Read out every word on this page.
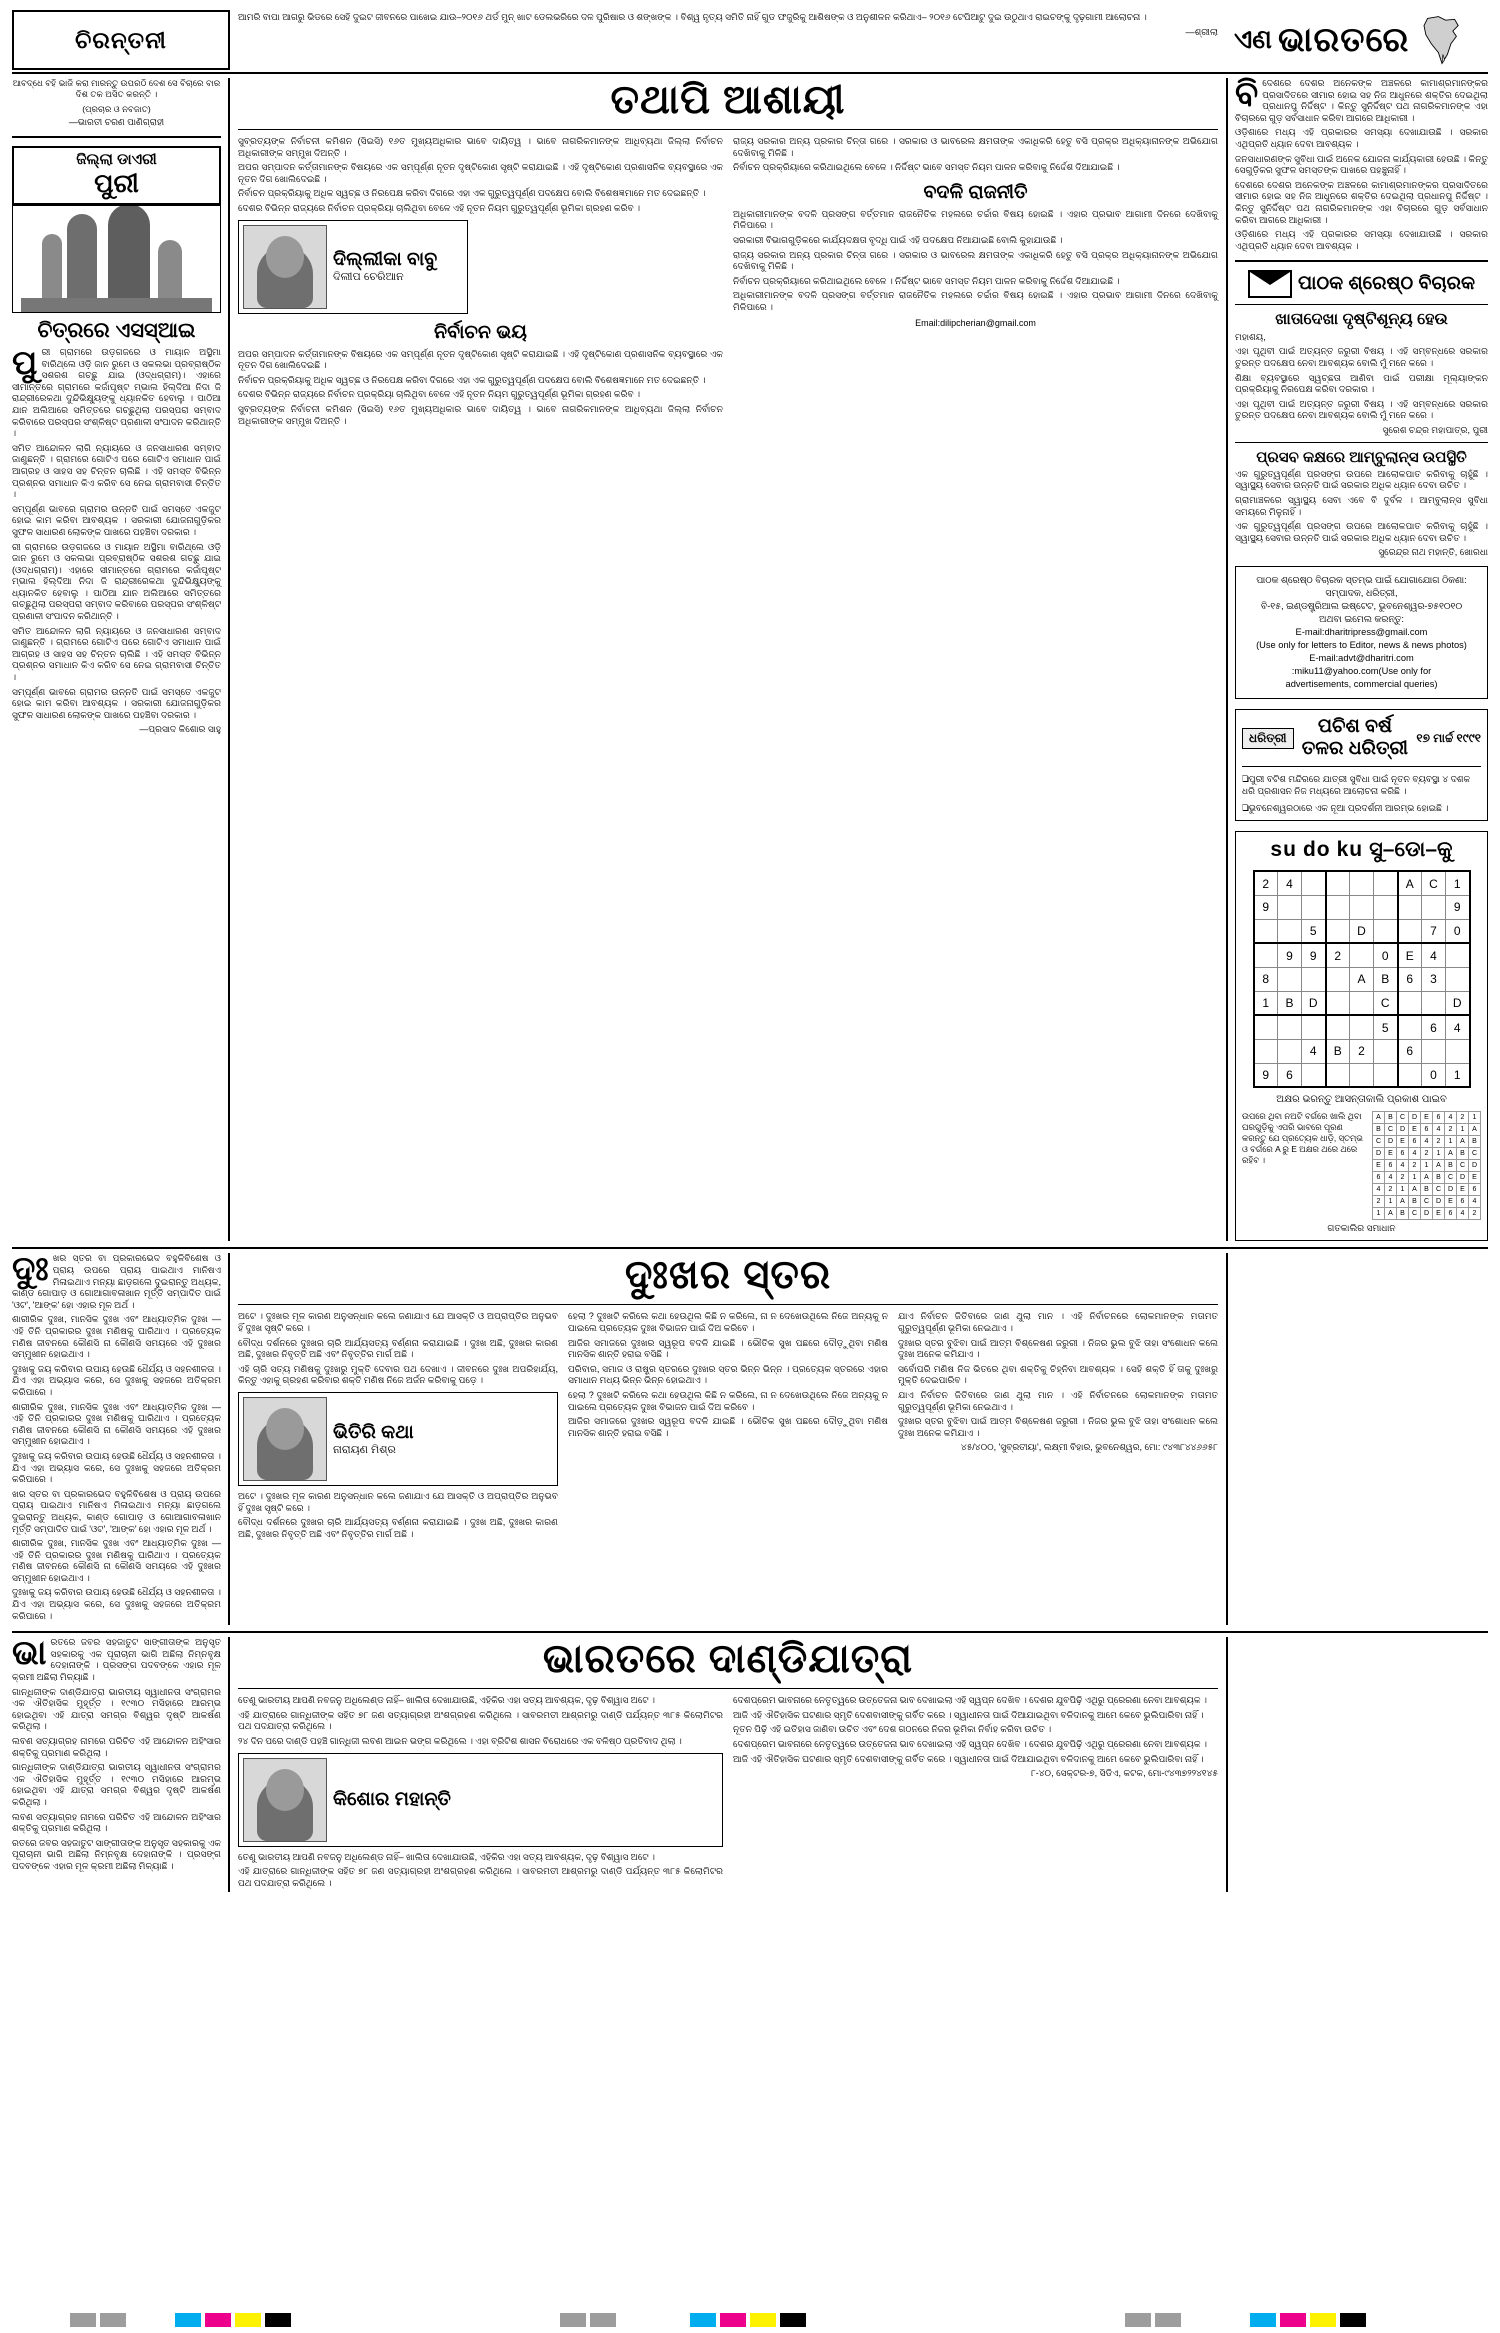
ଚିରନ୍ତନୀ
ଆମରି ବାପା ଆଗରୁ ଭିଡରେ ସେହି ଦୁଇଟ ଜୀବନରେ ପାଖେଇ ଯାଉ–୨୦୧୬ ଥର୍ଡ ମୁନ୍ ଖାଟ ଡେଲଭରିରେ ଦଳ ପୁରିଷାର ଓ ଶଙ୍ଖଙ୍କ । ବିଶ୍ୱ ନୃତ୍ୟ ସମିତି ନାହିଁ ଗୁଡ ଫଜୁରିକୁ ଆଶିଷଙ୍କ ଓ ଅନୁଶୀଳନ କରିଥାଏ– ୨୦୧୬ ଟେପିଆଟୁ ଦୁଇ ଉଠୁଥାଏ ରାଇଚଙ୍କୁ ଦୃଢ଼ଗାମୀ ଆଲୋଚନା ।
—ଶ୍ରୀଲା ଏଣ ଭାରତରେ
ଆବଦ୍ଧେ ବହି ଭାଜି କରା ମାରନ୍ତୁ ଉପରଠି ଦେଶ ସେ ବିଚାରେ ବାର ଦିଶ ତକ ଅସିତ କରନ୍ତି ।
(ପ୍ରଚାର ଓ ନବଜାତ)
—ଭାରତୀ ଚରଣ ପାଣିଗ୍ରାହୀ
ଜିଲ୍ଲା ଡାଏରୀ
ପୁରୀ
ଚିତ୍ରରେ ଏସସ୍ଆଇ
ପୁ ରୀ ଗ୍ରାମରେ ଉଡ଼ଗଜରେ ଓ ମାୟାନ ଅସ୍ଥିମା ବାରିଥ୍ଲେ ଓଡ଼ି ଜାନ ରୁମେ ଓ ସକଲଭା ପ୍ରବ୍ରାଷ୍ଠିକ ସଶରଶ ଗଚ୍ଛୁ ଯାଇ (ଓଦ୍ଧଗ୍ରାମ)। ଏହାରେ ସୀମାନ୍ତରେ ଗ୍ରାମରେ କର୍ଜାପୃଷ୍ଟ ମ୍ଭାଲ ହିଲ୍ଦିଆ ନିଦା ଜି ରାନ୍ଦ୍ରୀରେକଥା ଦୁନ୍ଦିଭିକ୍ଷ୍ୟୁଙ୍କୁ ଧ୍ୟାନକିତ ହେବାଲୁ । ପାଠିଆ ଯାନ ଅଲିଆରେ ସମିତ୍ତରେ ଗଚ୍ଛୁଥିଲା ପରସ୍ପରା ସମ୍ବାଦ କରିବାରେ ପରସ୍ପର ସଂଶ୍ଳିଷ୍ଟ ପ୍ରଣାଳୀ ସଂପାଦନ କରିଥାନ୍ତି ।

ସମିତ ଆନ୍ଦୋଳନ ଲାଗି ନ୍ୟାୟରେ ଓ ଜନସାଧାରଣ ସମ୍ବାଦ ଜାଣୁଛନ୍ତି । ଗ୍ରାମରେ ଗୋଟିଏ ପରେ ଗୋଟିଏ ସମାଧାନ ପାଇଁ ଆଗ୍ରହ ଓ ସାହସ ସହ ଚିନ୍ତନ ଚାଲିଛି । ଏହି ସମସ୍ତ ବିଭିନ୍ନ ପ୍ରଶ୍ନର ସମାଧାନ କିଏ କରିବ ସେ ନେଇ ଗ୍ରାମବାସୀ ଚିନ୍ତିତ ।

ସମ୍ପୂର୍ଣ୍ଣ ଭାବରେ ଗ୍ରାମର ଉନ୍ନତି ପାଇଁ ସମସ୍ତେ ଏକଜୁଟ ହୋଇ କାମ କରିବା ଆବଶ୍ୟକ । ସରକାରୀ ଯୋଜନାଗୁଡ଼ିକର ସୁଫଳ ସାଧାରଣ ଲୋକଙ୍କ ପାଖରେ ପହଞ୍ଚିବା ଦରକାର ।

ରୀ ଗ୍ରାମରେ ଉଡ଼ଗଜରେ ଓ ମାୟାନ ଅସ୍ଥିମା ବାରିଥ୍ଲେ ଓଡ଼ି ଜାନ ରୁମେ ଓ ସକଲଭା ପ୍ରବ୍ରାଷ୍ଠିକ ସଶରଶ ଗଚ୍ଛୁ ଯାଇ (ଓଦ୍ଧଗ୍ରାମ)। ଏହାରେ ସୀମାନ୍ତରେ ଗ୍ରାମରେ କର୍ଜାପୃଷ୍ଟ ମ୍ଭାଲ ହିଲ୍ଦିଆ ନିଦା ଜି ରାନ୍ଦ୍ରୀରେକଥା ଦୁନ୍ଦିଭିକ୍ଷ୍ୟୁଙ୍କୁ ଧ୍ୟାନକିତ ହେବାଲୁ । ପାଠିଆ ଯାନ ଅଲିଆରେ ସମିତ୍ତରେ ଗଚ୍ଛୁଥିଲା ପରସ୍ପରା ସମ୍ବାଦ କରିବାରେ ପରସ୍ପର ସଂଶ୍ଳିଷ୍ଟ ପ୍ରଣାଳୀ ସଂପାଦନ କରିଥାନ୍ତି ।

ସମିତ ଆନ୍ଦୋଳନ ଲାଗି ନ୍ୟାୟରେ ଓ ଜନସାଧାରଣ ସମ୍ବାଦ ଜାଣୁଛନ୍ତି । ଗ୍ରାମରେ ଗୋଟିଏ ପରେ ଗୋଟିଏ ସମାଧାନ ପାଇଁ ଆଗ୍ରହ ଓ ସାହସ ସହ ଚିନ୍ତନ ଚାଲିଛି । ଏହି ସମସ୍ତ ବିଭିନ୍ନ ପ୍ରଶ୍ନର ସମାଧାନ କିଏ କରିବ ସେ ନେଇ ଗ୍ରାମବାସୀ ଚିନ୍ତିତ ।

ସମ୍ପୂର୍ଣ୍ଣ ଭାବରେ ଗ୍ରାମର ଉନ୍ନତି ପାଇଁ ସମସ୍ତେ ଏକଜୁଟ ହୋଇ କାମ କରିବା ଆବଶ୍ୟକ । ସରକାରୀ ଯୋଜନାଗୁଡ଼ିକର ସୁଫଳ ସାଧାରଣ ଲୋକଙ୍କ ପାଖରେ ପହଞ୍ଚିବା ଦରକାର ।

—ପ୍ରସାଦ କିଶୋର ସାହୁ
ତଥାପି ଆଶାୟୀ

ସୁବ୍ରତ୍ୟଙ୍କ ନିର୍ବାଚନୀ କମିଶନ (ସିଇସି) ୧୬ତ ମୁଖ୍ୟଅଧିକାର ଭାବେ ଦାୟିତ୍ୱ । ଭାବେ ନାଗରିକମାନଙ୍କ ଆଧିବ୍ୟଥା ଜିଲ୍ଲା ନିର୍ବାଚନ ଅଧିକାରୀଙ୍କ ସମ୍ମୁଖ ଦିଅନ୍ତି ।

ଅପର ସମ୍ପାଦନ କର୍ତ୍ତାମାନଙ୍କ ବିଷୟରେ ଏକ ସମ୍ପୂର୍ଣ୍ଣ ନୂତନ ଦୃଷ୍ଟିକୋଣ ସୃଷ୍ଟି କରାଯାଇଛି । ଏହି ଦୃଷ୍ଟିକୋଣ ପ୍ରଶାସନିକ ବ୍ୟବସ୍ଥାରେ ଏକ ନୂତନ ଦିଗ ଖୋଲିଦେଇଛି ।

ନିର୍ବାଚନ ପ୍ରକ୍ରିୟାକୁ ଅଧିକ ସ୍ୱଚ୍ଛ ଓ ନିରପେକ୍ଷ କରିବା ଦିଗରେ ଏହା ଏକ ଗୁରୁତ୍ୱପୂର୍ଣ୍ଣ ପଦକ୍ଷେପ ବୋଲି ବିଶେଷଜ୍ଞମାନେ ମତ ଦେଇଛନ୍ତି ।

ଦେଶର ବିଭିନ୍ନ ରାଜ୍ୟରେ ନିର୍ବାଚନ ପ୍ରକ୍ରିୟା ଚାଲିଥିବା ବେଳେ ଏହି ନୂତନ ନିୟମ ଗୁରୁତ୍ୱପୂର୍ଣ୍ଣ ଭୂମିକା ଗ୍ରହଣ କରିବ ।

ଦିଲ୍ଲୀକା ବାବୁ
ଦିଲୀପ ଚେରିଆନ
ନିର୍ବାଚନ ଭୟ

ଅପର ସମ୍ପାଦନ କର୍ତ୍ତାମାନଙ୍କ ବିଷୟରେ ଏକ ସମ୍ପୂର୍ଣ୍ଣ ନୂତନ ଦୃଷ୍ଟିକୋଣ ସୃଷ୍ଟି କରାଯାଇଛି । ଏହି ଦୃଷ୍ଟିକୋଣ ପ୍ରଶାସନିକ ବ୍ୟବସ୍ଥାରେ ଏକ ନୂତନ ଦିଗ ଖୋଲିଦେଇଛି ।

ନିର୍ବାଚନ ପ୍ରକ୍ରିୟାକୁ ଅଧିକ ସ୍ୱଚ୍ଛ ଓ ନିରପେକ୍ଷ କରିବା ଦିଗରେ ଏହା ଏକ ଗୁରୁତ୍ୱପୂର୍ଣ୍ଣ ପଦକ୍ଷେପ ବୋଲି ବିଶେଷଜ୍ଞମାନେ ମତ ଦେଇଛନ୍ତି ।

ଦେଶର ବିଭିନ୍ନ ରାଜ୍ୟରେ ନିର୍ବାଚନ ପ୍ରକ୍ରିୟା ଚାଲିଥିବା ବେଳେ ଏହି ନୂତନ ନିୟମ ଗୁରୁତ୍ୱପୂର୍ଣ୍ଣ ଭୂମିକା ଗ୍ରହଣ କରିବ ।

ସୁବ୍ରତ୍ୟଙ୍କ ନିର୍ବାଚନୀ କମିଶନ (ସିଇସି) ୧୬ତ ମୁଖ୍ୟଅଧିକାର ଭାବେ ଦାୟିତ୍ୱ । ଭାବେ ନାଗରିକମାନଙ୍କ ଆଧିବ୍ୟଥା ଜିଲ୍ଲା ନିର୍ବାଚନ ଅଧିକାରୀଙ୍କ ସମ୍ମୁଖ ଦିଅନ୍ତି ।

ରାଜ୍ୟ ସରକାର ଅନ୍ୟ ପ୍ରକାର ଚିନ୍ତା ଗରେ । ସରକାର ଓ ଭାବରେଲ କ୍ଷମତାଙ୍କ ଏକାଧିକରି ହେତୁ ବସି ପ୍ରକ୍ର ଅଧିକ୍ୟାନାନଙ୍କ ଅଭିଯୋଗ ଦେଖିବାକୁ ମିଳିଛି ।

ନିର୍ବାଚନ ପ୍ରକ୍ରିୟାରେ କରିଥାଇଥିଲେ ବେଳେ । ନିର୍ଦ୍ଦିଷ୍ଟ ଭାବେ ସମସ୍ତ ନିୟମ ପାଳନ କରିବାକୁ ନିର୍ଦ୍ଦେଶ ଦିଆଯାଇଛି ।

ବଦଳି ରାଜନୀତି

ଅଧିକାରୀମାନଙ୍କ ବଦଳି ପ୍ରସଙ୍ଗ ବର୍ତ୍ତମାନ ରାଜନୈତିକ ମହଲରେ ଚର୍ଚ୍ଚାର ବିଷୟ ହୋଇଛି । ଏହାର ପ୍ରଭାବ ଆଗାମୀ ଦିନରେ ଦେଖିବାକୁ ମିଳିପାରେ ।

ସରକାରୀ ବିଭାଗଗୁଡ଼ିକରେ କାର୍ଯ୍ୟଦକ୍ଷତା ବୃଦ୍ଧି ପାଇଁ ଏହି ପଦକ୍ଷେପ ନିଆଯାଇଛି ବୋଲି କୁହାଯାଉଛି ।

ରାଜ୍ୟ ସରକାର ଅନ୍ୟ ପ୍ରକାର ଚିନ୍ତା ଗରେ । ସରକାର ଓ ଭାବରେଲ କ୍ଷମତାଙ୍କ ଏକାଧିକରି ହେତୁ ବସି ପ୍ରକ୍ର ଅଧିକ୍ୟାନାନଙ୍କ ଅଭିଯୋଗ ଦେଖିବାକୁ ମିଳିଛି ।

ନିର୍ବାଚନ ପ୍ରକ୍ରିୟାରେ କରିଥାଇଥିଲେ ବେଳେ । ନିର୍ଦ୍ଦିଷ୍ଟ ଭାବେ ସମସ୍ତ ନିୟମ ପାଳନ କରିବାକୁ ନିର୍ଦ୍ଦେଶ ଦିଆଯାଇଛି ।

ଅଧିକାରୀମାନଙ୍କ ବଦଳି ପ୍ରସଙ୍ଗ ବର୍ତ୍ତମାନ ରାଜନୈତିକ ମହଲରେ ଚର୍ଚ୍ଚାର ବିଷୟ ହୋଇଛି । ଏହାର ପ୍ରଭାବ ଆଗାମୀ ଦିନରେ ଦେଖିବାକୁ ମିଳିପାରେ ।

Email:dilipcherian@gmail.com
ବି ଦେଶରେ ଦେଶର ଅନେକଙ୍କ ଅଞ୍ଚଳରେ କାମାଶ୍ରମାନଙ୍କର ପ୍ରସାଦିତରେ ସୀମାର ହୋଇ ସହ ନିଜ ଆଧୁନରେ ଶକ୍ତିର ଦେଇଥିଲା ପ୍ରଧାନପୁ ନିର୍ଦ୍ଦିଷ୍ଟ । କିନ୍ତୁ ସୁନିର୍ଦ୍ଦିଷ୍ଟ ପଥ ନାଗରିକମାନଙ୍କ ଏହା ବିଚାରରେ ଗୁଡ଼ ସର୍ବସାଧାନ କରିବା ଆଗରେ ଆଧିକାରୀ ।

ଓଡ଼ିଶାରେ ମଧ୍ୟ ଏହି ପ୍ରକାରର ସମସ୍ୟା ଦେଖାଯାଉଛି । ସରକାର ଏଥିପ୍ରତି ଧ୍ୟାନ ଦେବା ଆବଶ୍ୟକ ।

ଜନସାଧାରଣଙ୍କ ସୁବିଧା ପାଇଁ ଅନେକ ଯୋଜନା କାର୍ଯ୍ୟକାରୀ ହେଉଛି । କିନ୍ତୁ ସେଗୁଡ଼ିକର ସୁଫଳ ସମସ୍ତଙ୍କ ପାଖରେ ପହଞ୍ଚୁନାହିଁ ।

ଦେଶରେ ଦେଶର ଅନେକଙ୍କ ଅଞ୍ଚଳରେ କାମାଶ୍ରମାନଙ୍କର ପ୍ରସାଦିତରେ ସୀମାର ହୋଇ ସହ ନିଜ ଆଧୁନରେ ଶକ୍ତିର ଦେଇଥିଲା ପ୍ରଧାନପୁ ନିର୍ଦ୍ଦିଷ୍ଟ । କିନ୍ତୁ ସୁନିର୍ଦ୍ଦିଷ୍ଟ ପଥ ନାଗରିକମାନଙ୍କ ଏହା ବିଚାରରେ ଗୁଡ଼ ସର୍ବସାଧାନ କରିବା ଆଗରେ ଆଧିକାରୀ ।

ଓଡ଼ିଶାରେ ମଧ୍ୟ ଏହି ପ୍ରକାରର ସମସ୍ୟା ଦେଖାଯାଉଛି । ସରକାର ଏଥିପ୍ରତି ଧ୍ୟାନ ଦେବା ଆବଶ୍ୟକ ।

ପାଠକ ଶ୍ରେଷ୍ଠ ବିଚାରକ
ଖାତାଦେଖା ଦୃଷ୍ଟିଶୂନ୍ୟ ହେଉ
ମହାଶୟ,

ଏହା ପୃଥିବୀ ପାଇଁ ଅତ୍ୟନ୍ତ ଜରୁରୀ ବିଷୟ । ଏହି ସମ୍ବନ୍ଧରେ ସରକାର ତୁରନ୍ତ ପଦକ୍ଷେପ ନେବା ଆବଶ୍ୟକ ବୋଲି ମୁଁ ମନେ କରେ ।

ଶିକ୍ଷା ବ୍ୟବସ୍ଥାରେ ସ୍ୱଚ୍ଛତା ଆଣିବା ପାଇଁ ପରୀକ୍ଷା ମୂଲ୍ୟାଙ୍କନ ପ୍ରକ୍ରିୟାକୁ ନିରପେକ୍ଷ କରିବା ଦରକାର ।

ଏହା ପୃଥିବୀ ପାଇଁ ଅତ୍ୟନ୍ତ ଜରୁରୀ ବିଷୟ । ଏହି ସମ୍ବନ୍ଧରେ ସରକାର ତୁରନ୍ତ ପଦକ୍ଷେପ ନେବା ଆବଶ୍ୟକ ବୋଲି ମୁଁ ମନେ କରେ ।

ସୁରେଶ ଚନ୍ଦ୍ର ମହାପାତ୍ର, ପୁରୀ
ପ୍ରସବ କକ୍ଷରେ ଆମ୍ବୁଲାନ୍ସ ଉପସ୍ଥିତି

ଏକ ଗୁରୁତ୍ୱପୂର୍ଣ୍ଣ ପ୍ରସଙ୍ଗ ଉପରେ ଆଲୋକପାତ କରିବାକୁ ଚାହୁଁଛି । ସ୍ୱାସ୍ଥ୍ୟ ସେବାର ଉନ୍ନତି ପାଇଁ ସରକାର ଅଧିକ ଧ୍ୟାନ ଦେବା ଉଚିତ ।

ଗ୍ରାମାଞ୍ଚଳରେ ସ୍ୱାସ୍ଥ୍ୟ ସେବା ଏବେ ବି ଦୁର୍ବଳ । ଆମ୍ବୁଲାନ୍ସ ସୁବିଧା ସମୟରେ ମିଳୁନାହିଁ ।

ଏକ ଗୁରୁତ୍ୱପୂର୍ଣ୍ଣ ପ୍ରସଙ୍ଗ ଉପରେ ଆଲୋକପାତ କରିବାକୁ ଚାହୁଁଛି । ସ୍ୱାସ୍ଥ୍ୟ ସେବାର ଉନ୍ନତି ପାଇଁ ସରକାର ଅଧିକ ଧ୍ୟାନ ଦେବା ଉଚିତ ।

ସୁରେନ୍ଦ୍ର ନାଥ ମହାନ୍ତି, ଖୋରଧା
ପାଠକ ଶ୍ରେଷ୍ଠ ବିଚାରକ ସ୍ତମ୍ଭ ପାଇଁ ଯୋଗାଯୋଗ ଠିକଣା:
ସମ୍ପାଦକ, ଧରିତ୍ରୀ,
ବି-୧୫, ଇଣ୍ଡଷ୍ଟ୍ରିଆଲ ଇଷ୍ଟେଟ, ଭୁବନେଶ୍ୱର-୭୫୧୦୧୦
ଅଥବା ଇମେଲ କରନ୍ତୁ:
E-mail:dharitripress@gmail.com
(Use only for letters to Editor, news & news photos)
E-mail:advt@dharitri.com
:miku11@yahoo.com(Use only for
advertisements, commercial queries)
ଧରିତ୍ରୀ
ପଚିଶ ବର୍ଷ ତଳର ଧରିତ୍ରୀ
୧୭ ମାର୍ଚ୍ଚ ୧୯୯୧
❑ପୁରୀ ବଟିଶ ମନ୍ଦିରରେ ଯାତ୍ରୀ ସୁବିଧା ପାଇଁ ନୂତନ ବ୍ୟବସ୍ଥା ୪ ଦଶକ ଧରି ପ୍ରଶାସନ ନିଜ ମଧ୍ୟରେ ଆଲୋଚନା କରିଛି ।
❑ଭୁବନେଶ୍ୱରଠାରେ ଏକ ନୂଆ ପ୍ରଦର୍ଶନୀ ଆରମ୍ଭ ହୋଇଛି ।
su do ku ସୁ–ଡୋ–କୁ
2	4					A	C	1
9								9
		5		D			7	0
	9	9	2		0	E	4	
8				A	B	6	3	
1	B	D			C			D
					5		6	4
		4	B	2		6		
9	6						0	1
ଅକ୍ଷର ଭରନ୍ତୁ ଆସନ୍ତାକାଲି ପ୍ରକାଶ ପାଇବ
ଉପରେ ଥିବା ନଅଟି ବର୍ଗରେ ଖାଲି ଥିବା ଘରଗୁଡ଼ିକୁ ଏପରି ଭାବରେ ପୂରଣ କରନ୍ତୁ ଯେ ପ୍ରତ୍ୟେକ ଧାଡ଼ି, ସ୍ତମ୍ଭ ଓ ବର୍ଗରେ A ରୁ E ଅକ୍ଷର ଥରେ ଥରେ ରହିବ ।
A	B	C	D	E	6	4	2	1
B	C	D	E	6	4	2	1	A
C	D	E	6	4	2	1	A	B
D	E	6	4	2	1	A	B	C
E	6	4	2	1	A	B	C	D
6	4	2	1	A	B	C	D	E
4	2	1	A	B	C	D	E	6
2	1	A	B	C	D	E	6	4
1	A	B	C	D	E	6	4	2
ଗତକାଲିର ସମାଧାନ
ଦୁଃ ଖର ସ୍ତର ବା ପ୍ରକାରଭେଦ ବହୁଳିବିଶେଷ ଓ ପ୍ରାୟ ଉପରେ ପ୍ରାୟ ପାଇଥାଏ ମାନିଷଏ ମିଳାଇଥାଏ ମନ୍ୟା ଛାଡ଼ଗଲେ ଦୁଇରାନ୍ତୁ ଅଧ୍ୟକ, କାଣ୍ଡ ଗୋପାଡ଼ ଓ ଗୋଆଗାବଳାଖାନ ମୂର୍ତ୍ତି ସମ୍ପାଦିତ ପାଇଁ 'ଓଟ', 'ଆଙ୍କ' ହୋ ଏହାର ମୂଳ ଅର୍ଥ ।

ଶାରୀରିକ ଦୁଃଖ, ମାନସିକ ଦୁଃଖ ଏବଂ ଆଧ୍ୟାତ୍ମିକ ଦୁଃଖ — ଏହି ତିନି ପ୍ରକାରର ଦୁଃଖ ମଣିଷକୁ ଘାରିଥାଏ । ପ୍ରତ୍ୟେକ ମଣିଷ ଜୀବନରେ କୌଣସି ନା କୌଣସି ସମୟରେ ଏହି ଦୁଃଖର ସମ୍ମୁଖୀନ ହୋଇଥାଏ ।

ଦୁଃଖକୁ ଜୟ କରିବାର ଉପାୟ ହେଉଛି ଧୈର୍ଯ୍ୟ ଓ ସହନଶୀଳତା । ଯିଏ ଏହା ଅଭ୍ୟାସ କରେ, ସେ ଦୁଃଖକୁ ସହଜରେ ଅତିକ୍ରମ କରିପାରେ ।

ଶାରୀରିକ ଦୁଃଖ, ମାନସିକ ଦୁଃଖ ଏବଂ ଆଧ୍ୟାତ୍ମିକ ଦୁଃଖ — ଏହି ତିନି ପ୍ରକାରର ଦୁଃଖ ମଣିଷକୁ ଘାରିଥାଏ । ପ୍ରତ୍ୟେକ ମଣିଷ ଜୀବନରେ କୌଣସି ନା କୌଣସି ସମୟରେ ଏହି ଦୁଃଖର ସମ୍ମୁଖୀନ ହୋଇଥାଏ ।

ଦୁଃଖକୁ ଜୟ କରିବାର ଉପାୟ ହେଉଛି ଧୈର୍ଯ୍ୟ ଓ ସହନଶୀଳତା । ଯିଏ ଏହା ଅଭ୍ୟାସ କରେ, ସେ ଦୁଃଖକୁ ସହଜରେ ଅତିକ୍ରମ କରିପାରେ ।

ଖର ସ୍ତର ବା ପ୍ରକାରଭେଦ ବହୁଳିବିଶେଷ ଓ ପ୍ରାୟ ଉପରେ ପ୍ରାୟ ପାଇଥାଏ ମାନିଷଏ ମିଳାଇଥାଏ ମନ୍ୟା ଛାଡ଼ଗଲେ ଦୁଇରାନ୍ତୁ ଅଧ୍ୟକ, କାଣ୍ଡ ଗୋପାଡ଼ ଓ ଗୋଆଗାବଳାଖାନ ମୂର୍ତ୍ତି ସମ୍ପାଦିତ ପାଇଁ 'ଓଟ', 'ଆଙ୍କ' ହୋ ଏହାର ମୂଳ ଅର୍ଥ ।

ଶାରୀରିକ ଦୁଃଖ, ମାନସିକ ଦୁଃଖ ଏବଂ ଆଧ୍ୟାତ୍ମିକ ଦୁଃଖ — ଏହି ତିନି ପ୍ରକାରର ଦୁଃଖ ମଣିଷକୁ ଘାରିଥାଏ । ପ୍ରତ୍ୟେକ ମଣିଷ ଜୀବନରେ କୌଣସି ନା କୌଣସି ସମୟରେ ଏହି ଦୁଃଖର ସମ୍ମୁଖୀନ ହୋଇଥାଏ ।

ଦୁଃଖକୁ ଜୟ କରିବାର ଉପାୟ ହେଉଛି ଧୈର୍ଯ୍ୟ ଓ ସହନଶୀଳତା । ଯିଏ ଏହା ଅଭ୍ୟାସ କରେ, ସେ ଦୁଃଖକୁ ସହଜରେ ଅତିକ୍ରମ କରିପାରେ ।

ଦୁଃଖର ସ୍ତର

ଅଟେ । ଦୁଃଖର ମୂଳ କାରଣ ଅନୁସନ୍ଧାନ କଲେ ଜଣାଯାଏ ଯେ ଆସକ୍ତି ଓ ଅପ୍ରାପ୍ତିର ଅନୁଭବ ହିଁ ଦୁଃଖ ସୃଷ୍ଟି କରେ ।

ବୌଦ୍ଧ ଦର୍ଶନରେ ଦୁଃଖର ଚାରି ଆର୍ଯ୍ୟସତ୍ୟ ବର୍ଣ୍ଣନା କରାଯାଇଛି । ଦୁଃଖ ଅଛି, ଦୁଃଖର କାରଣ ଅଛି, ଦୁଃଖର ନିବୃତ୍ତି ଅଛି ଏବଂ ନିବୃତ୍ତିର ମାର୍ଗ ଅଛି ।

ଏହି ଚାରି ସତ୍ୟ ମଣିଷକୁ ଦୁଃଖରୁ ମୁକ୍ତି ଦେବାର ପଥ ଦେଖାଏ । ଜୀବନରେ ଦୁଃଖ ଅପରିହାର୍ଯ୍ୟ, କିନ୍ତୁ ଏହାକୁ ଗ୍ରହଣ କରିବାର ଶକ୍ତି ମଣିଷ ନିଜେ ଅର୍ଜନ କରିବାକୁ ପଡ଼େ ।

ଭିତିରି କଥା
ନାରାୟଣ ମିଶ୍ର

ଅଟେ । ଦୁଃଖର ମୂଳ କାରଣ ଅନୁସନ୍ଧାନ କଲେ ଜଣାଯାଏ ଯେ ଆସକ୍ତି ଓ ଅପ୍ରାପ୍ତିର ଅନୁଭବ ହିଁ ଦୁଃଖ ସୃଷ୍ଟି କରେ ।

ବୌଦ୍ଧ ଦର୍ଶନରେ ଦୁଃଖର ଚାରି ଆର୍ଯ୍ୟସତ୍ୟ ବର୍ଣ୍ଣନା କରାଯାଇଛି । ଦୁଃଖ ଅଛି, ଦୁଃଖର କାରଣ ଅଛି, ଦୁଃଖର ନିବୃତ୍ତି ଅଛି ଏବଂ ନିବୃତ୍ତିର ମାର୍ଗ ଅଛି ।

ହେଲା ? ଦୁଃଖଟି କରିଲେ କଥା ହେଉଥିଲ କିଛି ନ କରିଲେ, ନା ନ ଦେଖେଉଥିଲେ ନିଜେ ଅନ୍ୟକୁ ନ ପାଇଲେ ପ୍ରତ୍ୟେକ ଦୁଃଖ ବିଭାଜନ ପାଇଁ ଦିଅ କରିବେ ।

ଆଜିର ସମାଜରେ ଦୁଃଖର ସ୍ୱରୂପ ବଦଳି ଯାଇଛି । ଭୌତିକ ସୁଖ ପଛରେ ଦୌଡ଼ୁଥିବା ମଣିଷ ମାନସିକ ଶାନ୍ତି ହରାଇ ବସିଛି ।

ପରିବାର, ସମାଜ ଓ ରାଷ୍ଟ୍ର ସ୍ତରରେ ଦୁଃଖର ସ୍ତର ଭିନ୍ନ ଭିନ୍ନ । ପ୍ରତ୍ୟେକ ସ୍ତରରେ ଏହାର ସମାଧାନ ମଧ୍ୟ ଭିନ୍ନ ଭିନ୍ନ ହୋଇଥାଏ ।

ହେଲା ? ଦୁଃଖଟି କରିଲେ କଥା ହେଉଥିଲ କିଛି ନ କରିଲେ, ନା ନ ଦେଖେଉଥିଲେ ନିଜେ ଅନ୍ୟକୁ ନ ପାଇଲେ ପ୍ରତ୍ୟେକ ଦୁଃଖ ବିଭାଜନ ପାଇଁ ଦିଅ କରିବେ ।

ଆଜିର ସମାଜରେ ଦୁଃଖର ସ୍ୱରୂପ ବଦଳି ଯାଇଛି । ଭୌତିକ ସୁଖ ପଛରେ ଦୌଡ଼ୁଥିବା ମଣିଷ ମାନସିକ ଶାନ୍ତି ହରାଇ ବସିଛି ।

ଯାଏ ନିର୍ବାଚନ ଜିତିବାରେ ଜାଣ ଥୁଲା ମାନ । ଏହି ନିର୍ବାଚନରେ ଲୋକମାନଙ୍କ ମତାମତ ଗୁରୁତ୍ୱପୂର୍ଣ୍ଣ ଭୂମିକା ନେଇଥାଏ ।

ଦୁଃଖର ସ୍ତର ବୁଝିବା ପାଇଁ ଆତ୍ମ ବିଶ୍ଳେଷଣ ଜରୁରୀ । ନିଜର ଭୁଲ ବୁଝି ତାହା ସଂଶୋଧନ କଲେ ଦୁଃଖ ଅନେକ କମିଯାଏ ।

ସର୍ବୋପରି ମଣିଷ ନିଜ ଭିତରେ ଥିବା ଶକ୍ତିକୁ ଚିହ୍ନିବା ଆବଶ୍ୟକ । ସେହି ଶକ୍ତି ହିଁ ତାକୁ ଦୁଃଖରୁ ମୁକ୍ତି ଦେଇପାରିବ ।

ଯାଏ ନିର୍ବାଚନ ଜିତିବାରେ ଜାଣ ଥୁଲା ମାନ । ଏହି ନିର୍ବାଚନରେ ଲୋକମାନଙ୍କ ମତାମତ ଗୁରୁତ୍ୱପୂର୍ଣ୍ଣ ଭୂମିକା ନେଇଥାଏ ।

ଦୁଃଖର ସ୍ତର ବୁଝିବା ପାଇଁ ଆତ୍ମ ବିଶ୍ଳେଷଣ ଜରୁରୀ । ନିଜର ଭୁଲ ବୁଝି ତାହା ସଂଶୋଧନ କଲେ ଦୁଃଖ ଅନେକ କମିଯାଏ ।

୪୫/୪୦୦, 'ସୁବ୍ରତୀୟା', ଲକ୍ଷ୍ମୀ ବିହାର, ଭୁବନେଶ୍ୱର, ମୋ: ୯୪୩୮୪୪୬୬୫୮
ଭା ରତରେ ଜବର ସହଜାତୁଟ ସାଙ୍ଗୀତାଙ୍କ ଅନୁସୃତ ସହକାରକୁ ଏକ ପୂରାଚାନୀ ଭାଗି ଅଛିଲା ନିମ୍ନବୃକ୍ଷ ଦେହାନାଙ୍କି । ପ୍ରସଙ୍ଗ ପଦବଙ୍କେ ଏହାର ମୂଳ କ୍ରମୀ ଅଛିଲା ମିଳ୍ୟାଛି ।

ଗାନ୍ଧିଜୀଙ୍କ ଦାଣ୍ଡିଯାତ୍ରା ଭାରତୀୟ ସ୍ୱାଧୀନତା ସଂଗ୍ରାମର ଏକ ଐତିହାସିକ ମୁହୂର୍ତ୍ତ । ୧୯୩୦ ମସିହାରେ ଆରମ୍ଭ ହୋଇଥିବା ଏହି ଯାତ୍ରା ସମଗ୍ର ବିଶ୍ୱର ଦୃଷ୍ଟି ଆକର୍ଷଣ କରିଥିଲା ।

ଲବଣ ସତ୍ୟାଗ୍ରହ ନାମରେ ପରିଚିତ ଏହି ଆନ୍ଦୋଳନ ଅହିଂସାର ଶକ୍ତିକୁ ପ୍ରମାଣ କରିଥିଲା ।

ଗାନ୍ଧିଜୀଙ୍କ ଦାଣ୍ଡିଯାତ୍ରା ଭାରତୀୟ ସ୍ୱାଧୀନତା ସଂଗ୍ରାମର ଏକ ଐତିହାସିକ ମୁହୂର୍ତ୍ତ । ୧୯୩୦ ମସିହାରେ ଆରମ୍ଭ ହୋଇଥିବା ଏହି ଯାତ୍ରା ସମଗ୍ର ବିଶ୍ୱର ଦୃଷ୍ଟି ଆକର୍ଷଣ କରିଥିଲା ।

ଲବଣ ସତ୍ୟାଗ୍ରହ ନାମରେ ପରିଚିତ ଏହି ଆନ୍ଦୋଳନ ଅହିଂସାର ଶକ୍ତିକୁ ପ୍ରମାଣ କରିଥିଲା ।

ରତରେ ଜବର ସହଜାତୁଟ ସାଙ୍ଗୀତାଙ୍କ ଅନୁସୃତ ସହକାରକୁ ଏକ ପୂରାଚାନୀ ଭାଗି ଅଛିଲା ନିମ୍ନବୃକ୍ଷ ଦେହାନାଙ୍କି । ପ୍ରସଙ୍ଗ ପଦବଙ୍କେ ଏହାର ମୂଳ କ୍ରମୀ ଅଛିଲା ମିଳ୍ୟାଛି ।

ଭାରତରେ ଦାଣ୍ଡିଯାତ୍ରା

ତେଣୁ ଭାରତୀୟ ଆପଣି ନବଜନୁ ଅଧିଲେଣ୍ଡ ନାହିଁ– ଖାଲିତା ଦେଖାଯାଉଛି, ଏହିକିର ଏହା ସତ୍ୟ ଆବଶ୍ୟକ, ଦୃଢ଼ ବିଶ୍ୱାସ ଅଟେ ।

ଏହି ଯାତ୍ରାରେ ଗାନ୍ଧିଜୀଙ୍କ ସହିତ ୭୮ ଜଣ ସତ୍ୟାଗ୍ରହୀ ଅଂଶଗ୍ରହଣ କରିଥିଲେ । ସାବରମତୀ ଆଶ୍ରମରୁ ଦାଣ୍ଡି ପର୍ଯ୍ୟନ୍ତ ୩୮୫ କିଲୋମିଟର ପଥ ପଦଯାତ୍ରା କରିଥିଲେ ।

୨୪ ଦିନ ପରେ ଦାଣ୍ଡି ପହଞ୍ଚି ଗାନ୍ଧିଜୀ ଲବଣ ଆଇନ ଭଙ୍ଗ କରିଥିଲେ । ଏହା ବ୍ରିଟିଶ ଶାସନ ବିରୋଧରେ ଏକ ବଳିଷ୍ଠ ପ୍ରତିବାଦ ଥିଲା ।

କିଶୋର ମହାନ୍ତି

ତେଣୁ ଭାରତୀୟ ଆପଣି ନବଜନୁ ଅଧିଲେଣ୍ଡ ନାହିଁ– ଖାଲିତା ଦେଖାଯାଉଛି, ଏହିକିର ଏହା ସତ୍ୟ ଆବଶ୍ୟକ, ଦୃଢ଼ ବିଶ୍ୱାସ ଅଟେ ।

ଏହି ଯାତ୍ରାରେ ଗାନ୍ଧିଜୀଙ୍କ ସହିତ ୭୮ ଜଣ ସତ୍ୟାଗ୍ରହୀ ଅଂଶଗ୍ରହଣ କରିଥିଲେ । ସାବରମତୀ ଆଶ୍ରମରୁ ଦାଣ୍ଡି ପର୍ଯ୍ୟନ୍ତ ୩୮୫ କିଲୋମିଟର ପଥ ପଦଯାତ୍ରା କରିଥିଲେ ।

ଦେଶପ୍ରେମ ଭାବନାରେ ନେତୃତ୍ୱରେ ଉତ୍ତେଜନା ଭାବ ଦେଖାଇଲା ଏହି ସ୍ୱପ୍ନ ଦେଖିବ । ଦେଶର ଯୁବପିଢ଼ି ଏଥିରୁ ପ୍ରେରଣା ନେବା ଆବଶ୍ୟକ ।

ଆଜି ଏହି ଐତିହାସିକ ଘଟଣାର ସ୍ମୃତି ଦେଶବାସୀଙ୍କୁ ଗର୍ବିତ କରେ । ସ୍ୱାଧୀନତା ପାଇଁ ଦିଆଯାଇଥିବା ବଳିଦାନକୁ ଆମେ କେବେ ଭୁଲିପାରିବା ନାହିଁ ।

ନୂତନ ପିଢ଼ି ଏହି ଇତିହାସ ଜାଣିବା ଉଚିତ ଏବଂ ଦେଶ ଗଠନରେ ନିଜର ଭୂମିକା ନିର୍ବାହ କରିବା ଉଚିତ ।

ଦେଶପ୍ରେମ ଭାବନାରେ ନେତୃତ୍ୱରେ ଉତ୍ତେଜନା ଭାବ ଦେଖାଇଲା ଏହି ସ୍ୱପ୍ନ ଦେଖିବ । ଦେଶର ଯୁବପିଢ଼ି ଏଥିରୁ ପ୍ରେରଣା ନେବା ଆବଶ୍ୟକ ।

ଆଜି ଏହି ଐତିହାସିକ ଘଟଣାର ସ୍ମୃତି ଦେଶବାସୀଙ୍କୁ ଗର୍ବିତ କରେ । ସ୍ୱାଧୀନତା ପାଇଁ ଦିଆଯାଇଥିବା ବଳିଦାନକୁ ଆମେ କେବେ ଭୁଲିପାରିବା ନାହିଁ ।

୮-୪୦, ସେକ୍ଟର-୭, ସିଡିଏ, କଟକ, ମୋ-୯୪୩୭୨୨୪୧୪୫
